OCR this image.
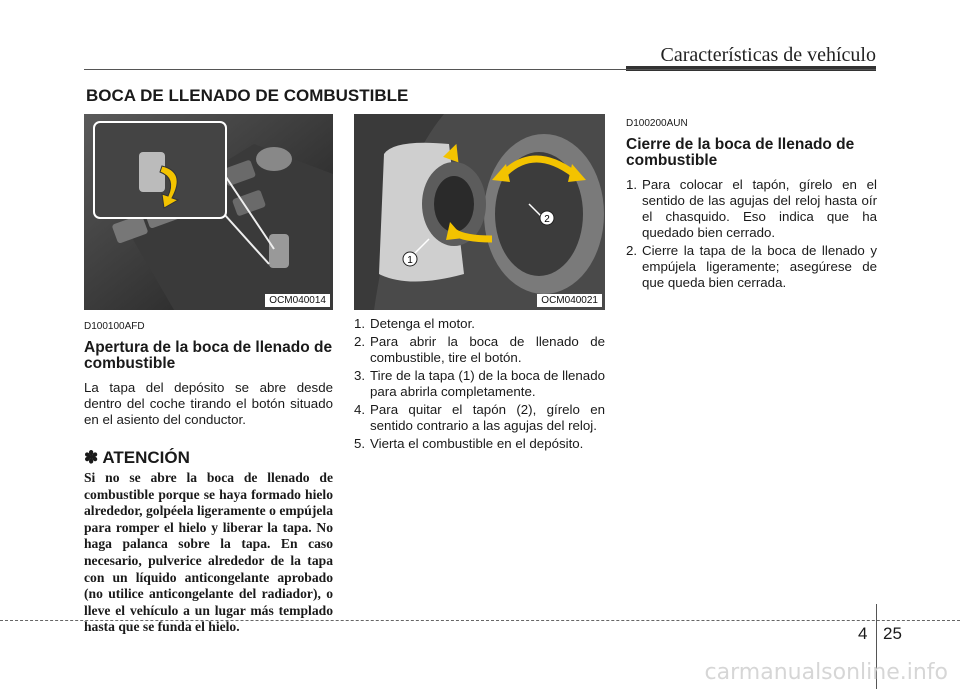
Características de vehículo
BOCA DE LLENADO DE COMBUSTIBLE
OCM040014
1
2
OCM040021
D100100AFD
Apertura de la boca de llenado de combustible
La tapa del depósito se abre desde dentro del coche tirando el botón situado en el asiento del conductor.
✽ ATENCIÓN
Si no se abre la boca de llenado de combustible porque se haya formado hielo alrededor, golpéela ligeramente o empújela para romper el hielo y liberar la tapa. No haga palanca sobre la tapa. En caso necesario, pulverice alrededor de la tapa con un líquido anticongelante aprobado (no utilice anticongelante del radiador), o lleve el vehículo a un lugar más templado hasta que se funda el hielo.
1. Detenga el motor.
2. Para abrir la boca de llenado de combustible, tire el botón.
3. Tire de la tapa (1) de la boca de llenado para abrirla completamente.
4. Para quitar el tapón (2), gírelo en sentido contrario a las agujas del reloj.
5. Vierta el combustible en el depósito.
D100200AUN
Cierre de la boca de llenado de combustible
1. Para colocar el tapón, gírelo en el sentido de las agujas del reloj hasta oír el chasquido. Eso indica que ha quedado bien cerrado.
2. Cierre la tapa de la boca de llenado y empújela ligeramente; asegúrese de que queda bien cerrada.
4 25
carmanualsonline.info
